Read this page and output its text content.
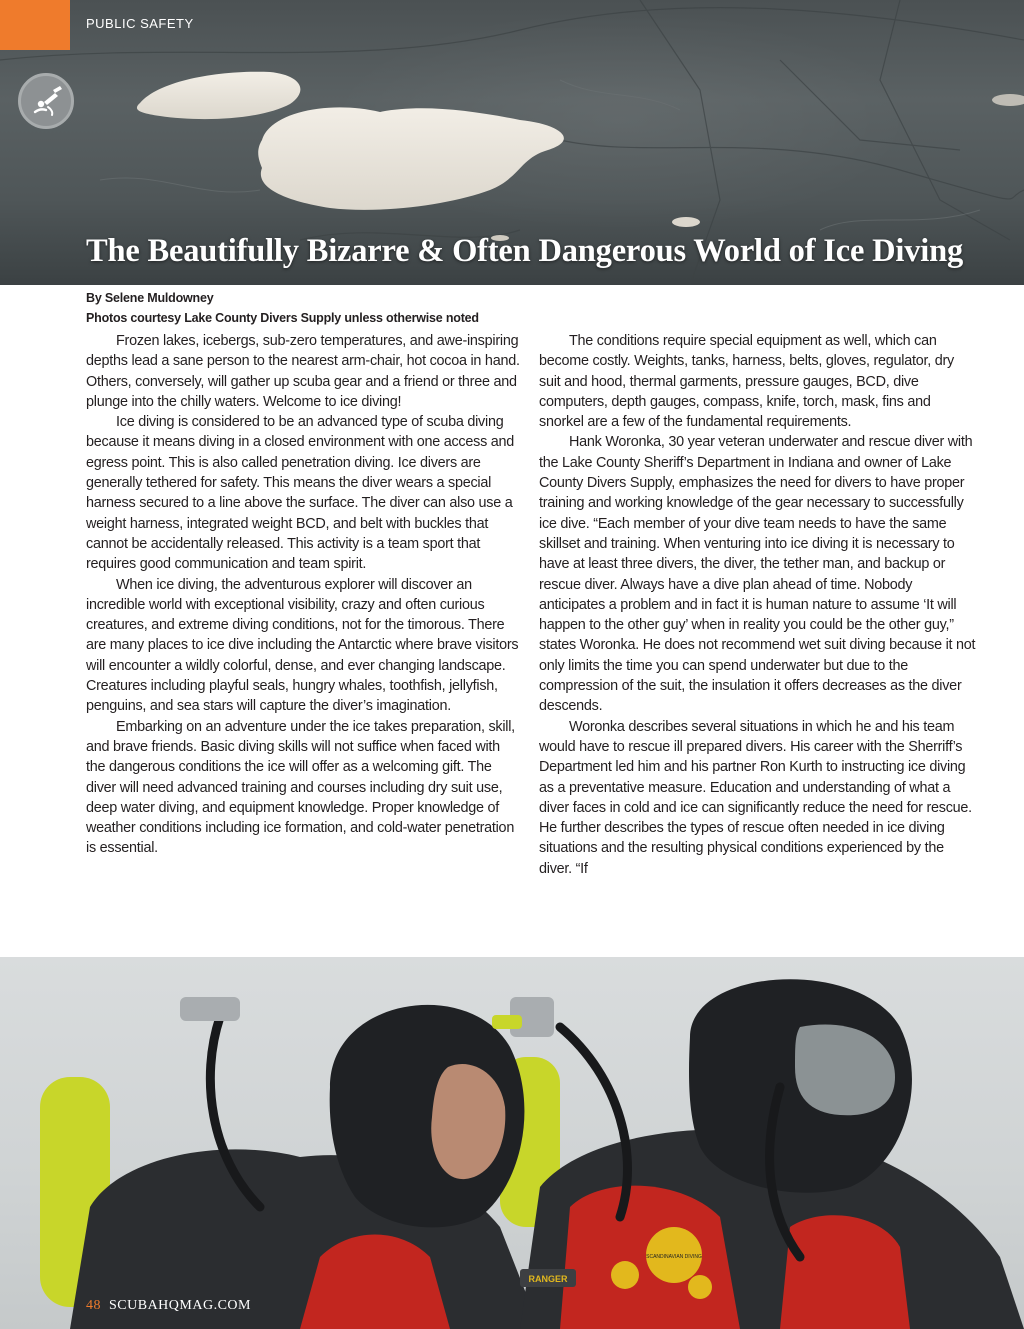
PUBLIC SAFETY
The Beautifully Bizarre & Often Dangerous World of Ice Diving
By Selene Muldowney
Photos courtesy Lake County Divers Supply unless otherwise noted

Frozen lakes, icebergs, sub-zero temperatures, and awe-inspiring depths lead a sane person to the nearest arm-chair, hot cocoa in hand. Others, conversely, will gather up scuba gear and a friend or three and plunge into the chilly waters. Welcome to ice diving!

Ice diving is considered to be an advanced type of scuba diving because it means diving in a closed environment with one access and egress point. This is also called penetration diving. Ice divers are generally tethered for safety. This means the diver wears a special harness secured to a line above the surface. The diver can also use a weight harness, integrated weight BCD, and belt with buckles that cannot be accidentally released. This activity is a team sport that requires good communication and team spirit.

When ice diving, the adventurous explorer will discover an incredible world with exceptional visibility, crazy and often curious creatures, and extreme diving conditions, not for the timorous. There are many places to ice dive including the Antarctic where brave visitors will encounter a wildly colorful, dense, and ever changing landscape. Creatures including playful seals, hungry whales, toothfish, jellyfish, penguins, and sea stars will capture the diver’s imagination.

Embarking on an adventure under the ice takes preparation, skill, and brave friends. Basic diving skills will not suffice when faced with the dangerous conditions the ice will offer as a welcoming gift. The diver will need advanced training and courses including dry suit use, deep water diving, and equipment knowledge. Proper knowledge of weather conditions including ice formation, and cold-water penetration is essential.

The conditions require special equipment as well, which can become costly. Weights, tanks, harness, belts, gloves, regulator, dry suit and hood, thermal garments, pressure gauges, BCD, dive computers, depth gauges, compass, knife, torch, mask, fins and snorkel are a few of the fundamental requirements.

Hank Woronka, 30 year veteran underwater and rescue diver with the Lake County Sheriff’s Department in Indiana and owner of Lake County Divers Supply, emphasizes the need for divers to have proper training and working knowledge of the gear necessary to successfully ice dive. “Each member of your dive team needs to have the same skillset and training. When venturing into ice diving it is necessary to have at least three divers, the diver, the tether man, and backup or rescue diver. Always have a dive plan ahead of time. Nobody anticipates a problem and in fact it is human nature to assume ‘It will happen to the other guy’ when in reality you could be the other guy,” states Woronka. He does not recommend wet suit diving because it not only limits the time you can spend underwater but due to the compression of the suit, the insulation it offers decreases as the diver descends.

Woronka describes several situations in which he and his team would have to rescue ill prepared divers. His career with the Sherriff’s Department led him and his partner Ron Kurth to instructing ice diving as a preventative measure. Education and understanding of what a diver faces in cold and ice can significantly reduce the need for rescue. He further describes the types of rescue often needed in ice diving situations and the resulting physical conditions experienced by the diver. “If

RANGER
SCANDINAVIAN DIVING
48 SCUBAHQMAG.COM
